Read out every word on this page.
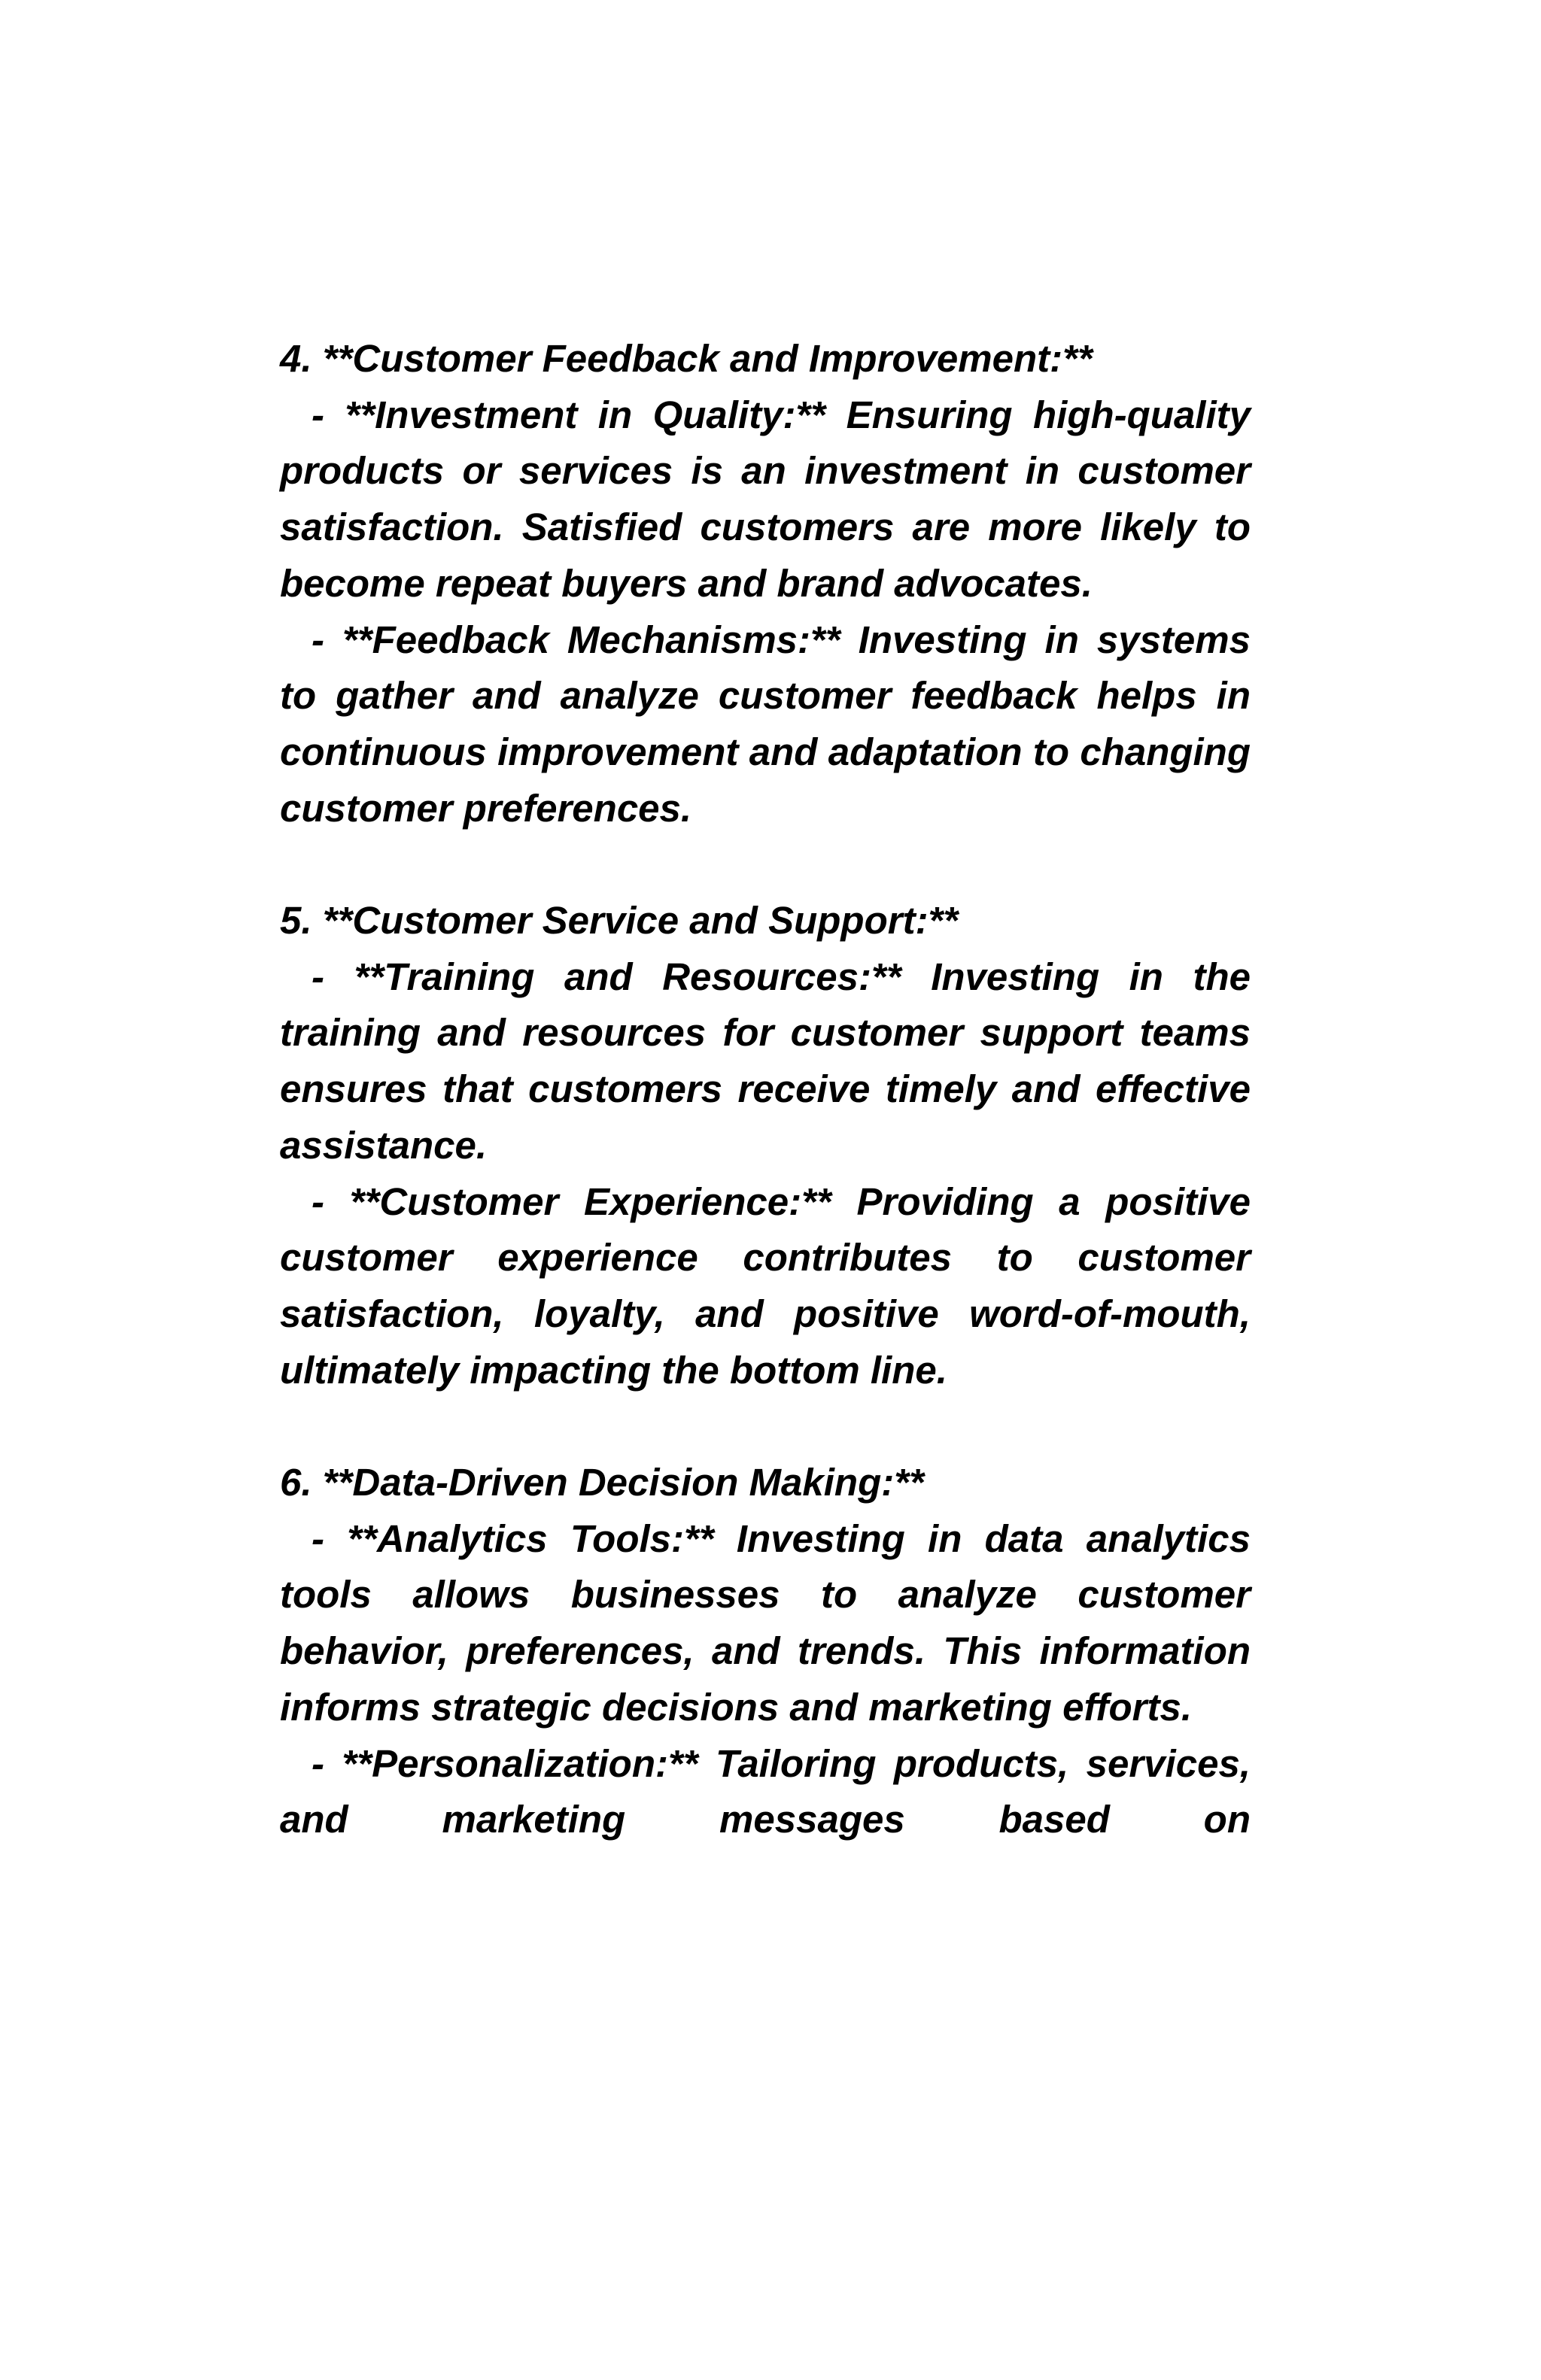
4. **Customer Feedback and Improvement:**

- **Investment in Quality:** Ensuring high-quality products or services is an investment in customer satisfaction. Satisfied customers are more likely to become repeat buyers and brand advocates.

- **Feedback Mechanisms:** Investing in systems to gather and analyze customer feedback helps in continuous improvement and adaptation to changing customer preferences.

5. **Customer Service and Support:**

- **Training and Resources:** Investing in the training and resources for customer support teams ensures that customers receive timely and effective assistance.

- **Customer Experience:** Providing a positive customer experience contributes to customer satisfaction, loyalty, and positive word-of-mouth, ultimately impacting the bottom line.

6. **Data-Driven Decision Making:**

- **Analytics Tools:** Investing in data analytics tools allows businesses to analyze customer behavior, preferences, and trends. This information informs strategic decisions and marketing efforts.

- **Personalization:** Tailoring products, services, and marketing messages based on
